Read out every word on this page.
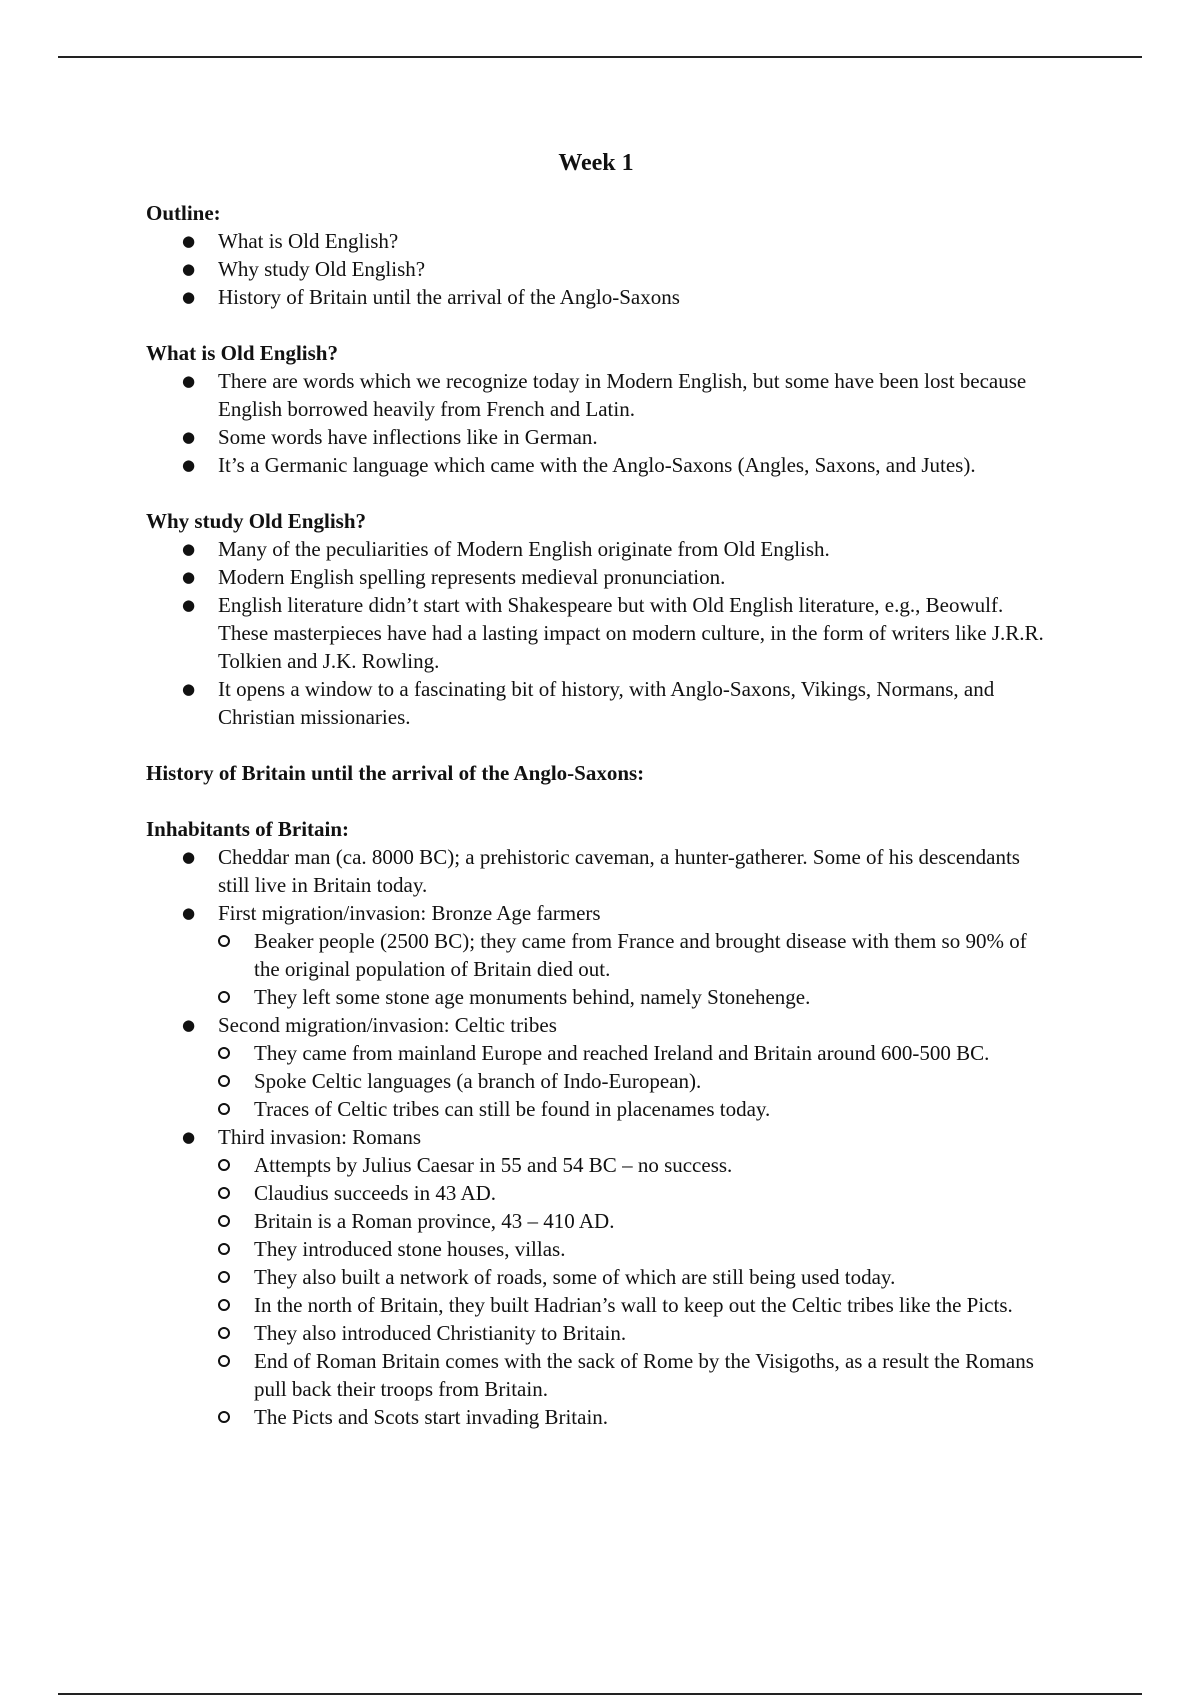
Week 1
Outline:
● What is Old English?
● Why study Old English?
● History of Britain until the arrival of the Anglo-Saxons
What is Old English?
● There are words which we recognize today in Modern English, but some have been lost because English borrowed heavily from French and Latin.
● Some words have inflections like in German.
● It’s a Germanic language which came with the Anglo-Saxons (Angles, Saxons, and Jutes).
Why study Old English?
● Many of the peculiarities of Modern English originate from Old English.
● Modern English spelling represents medieval pronunciation.
● English literature didn’t start with Shakespeare but with Old English literature, e.g., Beowulf. These masterpieces have had a lasting impact on modern culture, in the form of writers like J.R.R. Tolkien and J.K. Rowling.
● It opens a window to a fascinating bit of history, with Anglo-Saxons, Vikings, Normans, and Christian missionaries.
History of Britain until the arrival of the Anglo-Saxons:
Inhabitants of Britain:
● Cheddar man (ca. 8000 BC); a prehistoric caveman, a hunter-gatherer. Some of his descendants still live in Britain today.
● First migration/invasion: Bronze Age farmers
Beaker people (2500 BC); they came from France and brought disease with them so 90% of the original population of Britain died out.
They left some stone age monuments behind, namely Stonehenge.
● Second migration/invasion: Celtic tribes
They came from mainland Europe and reached Ireland and Britain around 600-500 BC.
Spoke Celtic languages (a branch of Indo-European).
Traces of Celtic tribes can still be found in placenames today.
● Third invasion: Romans
Attempts by Julius Caesar in 55 and 54 BC – no success.
Claudius succeeds in 43 AD.
Britain is a Roman province, 43 – 410 AD.
They introduced stone houses, villas.
They also built a network of roads, some of which are still being used today.
In the north of Britain, they built Hadrian’s wall to keep out the Celtic tribes like the Picts.
They also introduced Christianity to Britain.
End of Roman Britain comes with the sack of Rome by the Visigoths, as a result the Romans pull back their troops from Britain.
The Picts and Scots start invading Britain.
